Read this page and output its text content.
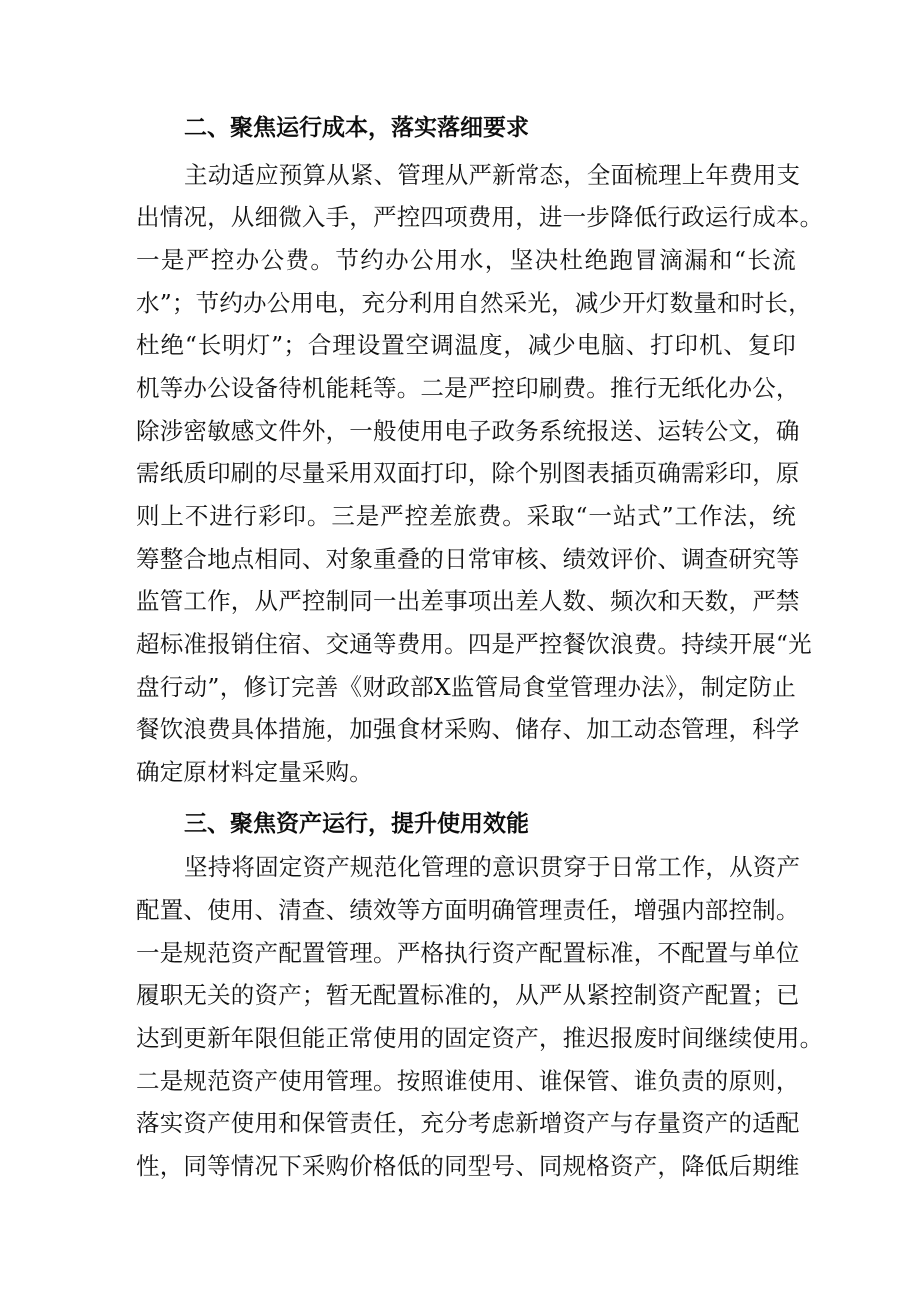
二、聚焦运行成本，落实落细要求
主动适应预算从紧、管理从严新常态，全面梳理上年费用支
出情况，从细微入手，严控四项费用，进一步降低行政运行成本。
一是严控办公费。节约办公用水，坚决杜绝跑冒滴漏和“长流
水”；节约办公用电，充分利用自然采光，减少开灯数量和时长，
杜绝“长明灯”；合理设置空调温度，减少电脑、打印机、复印
机等办公设备待机能耗等。二是严控印刷费。推行无纸化办公，
除涉密敏感文件外，一般使用电子政务系统报送、运转公文，确
需纸质印刷的尽量采用双面打印，除个别图表插页确需彩印，原
则上不进行彩印。三是严控差旅费。采取“一站式”工作法，统
筹整合地点相同、对象重叠的日常审核、绩效评价、调查研究等
监管工作，从严控制同一出差事项出差人数、频次和天数，严禁
超标准报销住宿、交通等费用。四是严控餐饮浪费。持续开展“光
盘行动”，修订完善《财政部X监管局食堂管理办法》，制定防止
餐饮浪费具体措施，加强食材采购、储存、加工动态管理，科学
确定原材料定量采购。
三、聚焦资产运行，提升使用效能
坚持将固定资产规范化管理的意识贯穿于日常工作，从资产
配置、使用、清查、绩效等方面明确管理责任，增强内部控制。
一是规范资产配置管理。严格执行资产配置标准，不配置与单位
履职无关的资产；暂无配置标准的，从严从紧控制资产配置；已
达到更新年限但能正常使用的固定资产，推迟报废时间继续使用。
二是规范资产使用管理。按照谁使用、谁保管、谁负责的原则，
落实资产使用和保管责任，充分考虑新增资产与存量资产的适配
性，同等情况下采购价格低的同型号、同规格资产，降低后期维
